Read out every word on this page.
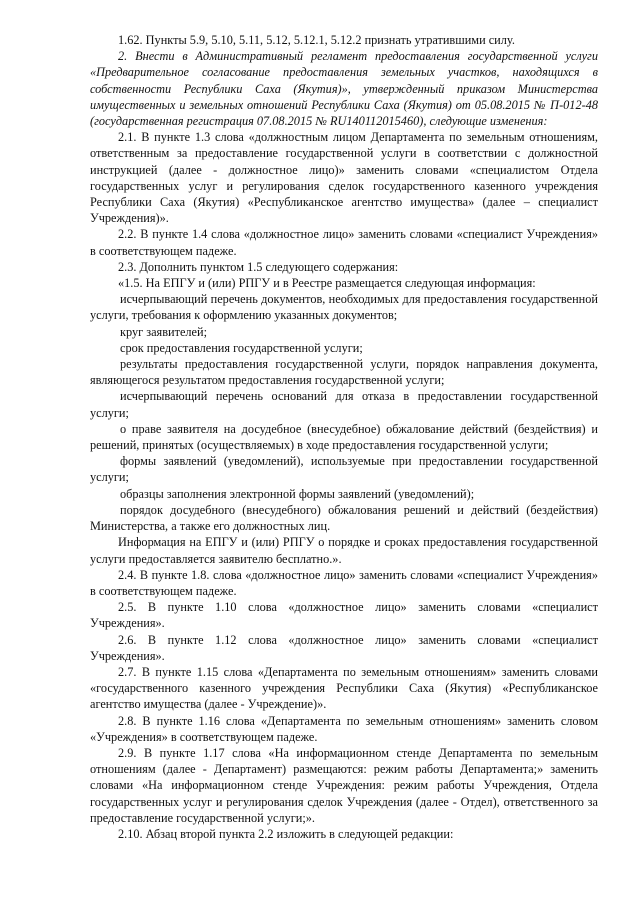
1.62. Пункты 5.9, 5.10, 5.11, 5.12, 5.12.1, 5.12.2 признать утратившими силу.

2. Внести в Административный регламент предоставления государственной услуги «Предварительное согласование предоставления земельных участков, находящихся в собственности Республики Саха (Якутия)», утвержденный приказом Министерства имущественных и земельных отношений Республики Саха (Якутия) от 05.08.2015 № П-012-48 (государственная регистрация 07.08.2015 № RU140112015460), следующие изменения:

2.1. В пункте 1.3 слова «должностным лицом Департамента по земельным отношениям, ответственным за предоставление государственной услуги в соответствии с должностной инструкцией (далее - должностное лицо)» заменить словами «специалистом Отдела государственных услуг и регулирования сделок государственного казенного учреждения Республики Саха (Якутия) «Республиканское агентство имущества» (далее – специалист Учреждения)».

2.2. В пункте 1.4 слова «должностное лицо» заменить словами «специалист Учреждения» в соответствующем падеже.

2.3. Дополнить пунктом 1.5 следующего содержания:

«1.5. На ЕПГУ и (или) РПГУ и в Реестре размещается следующая информация:

исчерпывающий перечень документов, необходимых для предоставления государственной услуги, требования к оформлению указанных документов;

круг заявителей;

срок предоставления государственной услуги;

результаты предоставления государственной услуги, порядок направления документа, являющегося результатом предоставления государственной услуги;

исчерпывающий перечень оснований для отказа в предоставлении государственной услуги;

о праве заявителя на досудебное (внесудебное) обжалование действий (бездействия) и решений, принятых (осуществляемых) в ходе предоставления государственной услуги;

формы заявлений (уведомлений), используемые при предоставлении государственной услуги;

образцы заполнения электронной формы заявлений (уведомлений);

порядок досудебного (внесудебного) обжалования решений и действий (бездействия) Министерства, а также его должностных лиц.

Информация на ЕПГУ и (или) РПГУ о порядке и сроках предоставления государственной услуги предоставляется заявителю бесплатно.».

2.4. В пункте 1.8. слова «должностное лицо» заменить словами «специалист Учреждения» в соответствующем падеже.

2.5. В пункте 1.10 слова «должностное лицо» заменить словами «специалист Учреждения».

2.6. В пункте 1.12 слова «должностное лицо» заменить словами «специалист Учреждения».

2.7. В пункте 1.15 слова «Департамента по земельным отношениям» заменить словами «государственного казенного учреждения Республики Саха (Якутия) «Республиканское агентство имущества (далее - Учреждение)».

2.8. В пункте 1.16 слова «Департамента по земельным отношениям» заменить словом «Учреждения» в соответствующем падеже.

2.9. В пункте 1.17 слова «На информационном стенде Департамента по земельным отношениям (далее - Департамент) размещаются: режим работы Департамента;» заменить словами «На информационном стенде Учреждения: режим работы Учреждения, Отдела государственных услуг и регулирования сделок Учреждения (далее - Отдел), ответственного за предоставление государственной услуги;».

2.10. Абзац второй пункта 2.2 изложить в следующей редакции:
